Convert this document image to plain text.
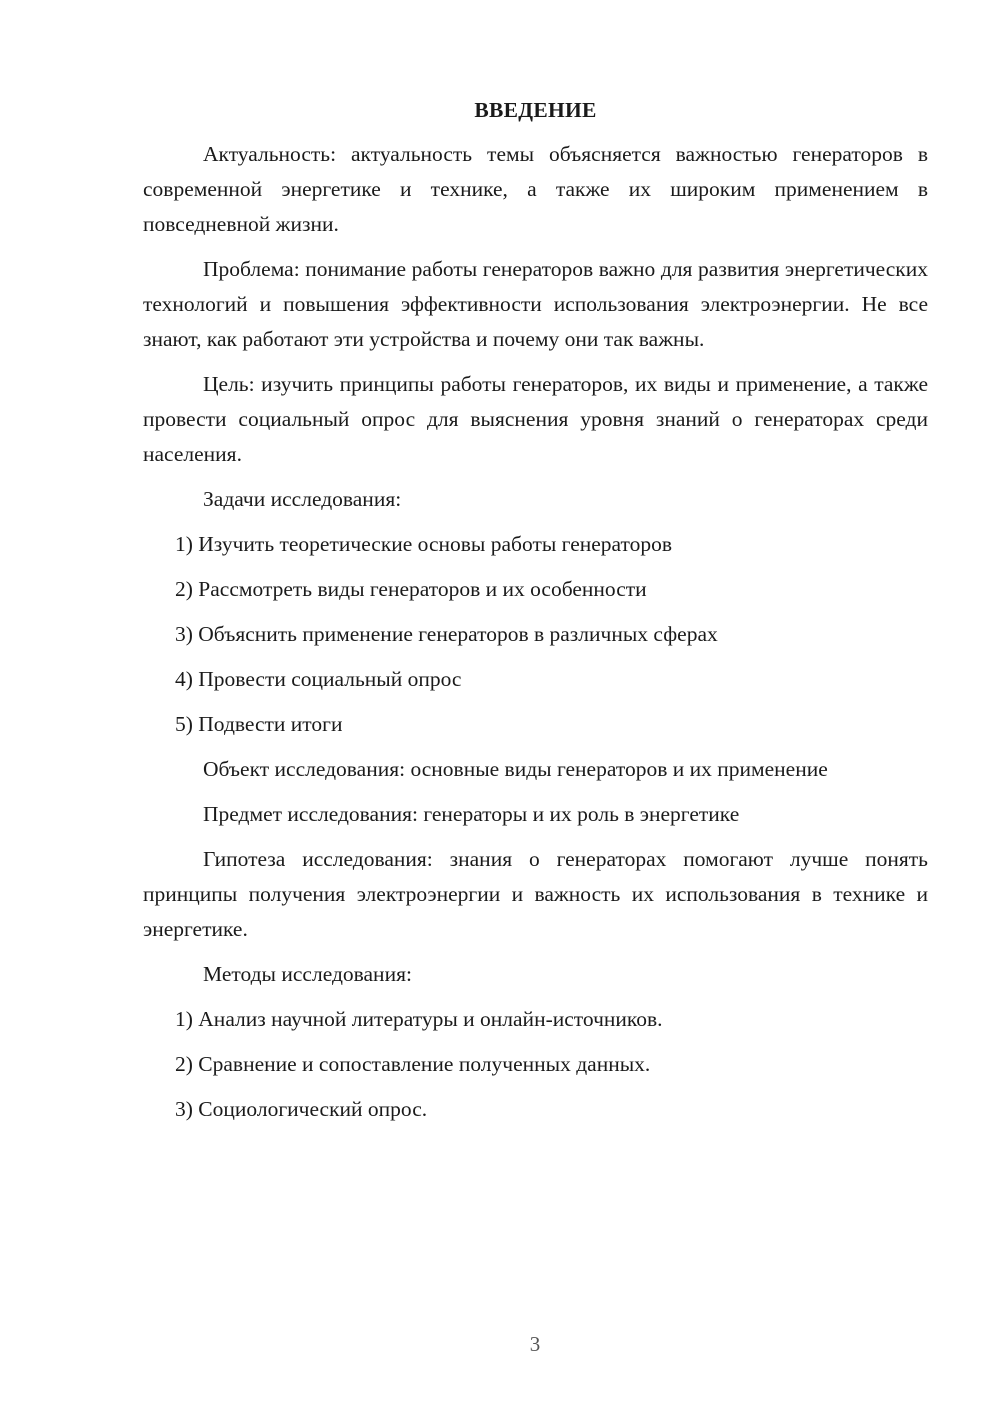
ВВЕДЕНИЕ
Актуальность: актуальность темы объясняется важностью генераторов в современной энергетике и технике, а также их широким применением в повседневной жизни.
Проблема: понимание работы генераторов важно для развития энергетических технологий и повышения эффективности использования электроэнергии. Не все знают, как работают эти устройства и почему они так важны.
Цель: изучить принципы работы генераторов, их виды и применение, а также провести социальный опрос для выяснения уровня знаний о генераторах среди населения.
Задачи исследования:
1) Изучить теоретические основы работы генераторов
2) Рассмотреть виды генераторов и их особенности
3) Объяснить применение генераторов в различных сферах
4) Провести социальный опрос
5) Подвести итоги
Объект исследования: основные виды генераторов и их применение
Предмет исследования: генераторы и их роль в энергетике
Гипотеза исследования: знания о генераторах помогают лучше понять принципы получения электроэнергии и важность их использования в технике и энергетике.
Методы исследования:
1) Анализ научной литературы и онлайн-источников.
2) Сравнение и сопоставление полученных данных.
3) Социологический опрос.
3
